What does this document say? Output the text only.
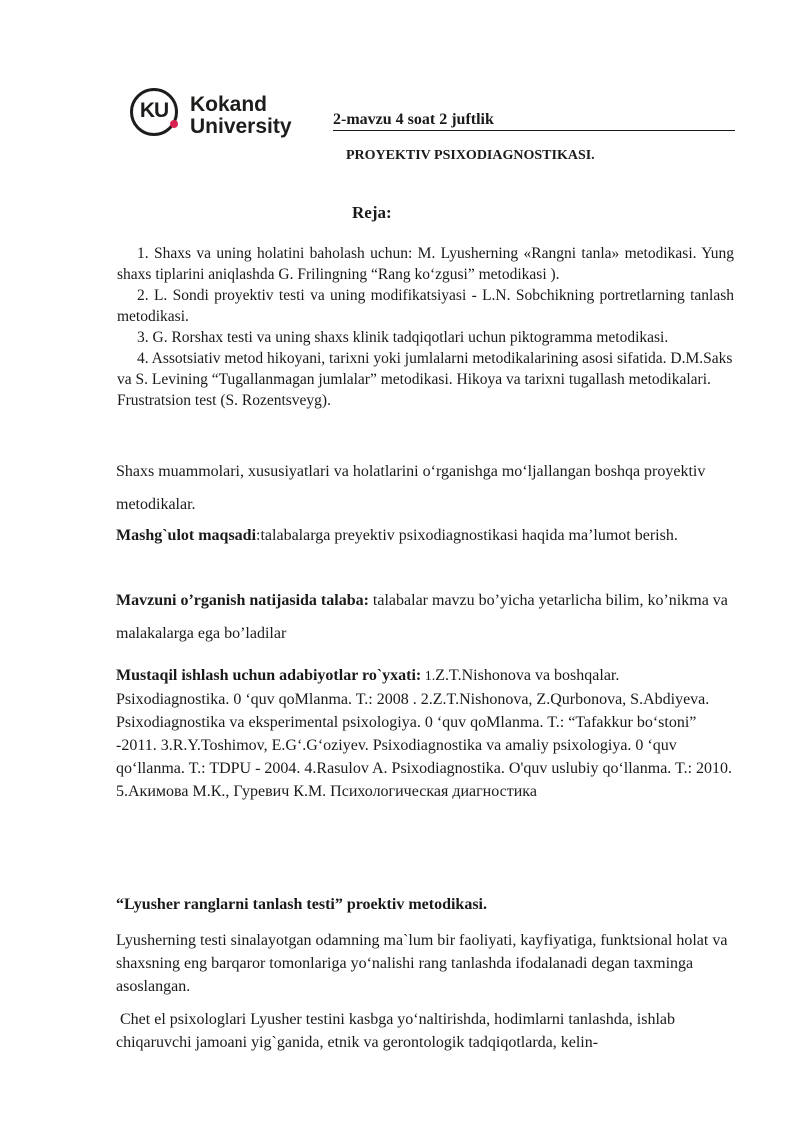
KU	Kokand
University	2-mavzu 4 soat 2 juftlik
PROYEKTIV PSIXODIAGNOSTIKASI.
Reja:

1. Shaxs va uning holatini baholash uchun: M. Lyusherning «Rangni tanla» metodikasi. Yung shaxs tiplarini aniqlashda G. Frilingning “Rang ko‘zgusi” metodikasi ).

2. L. Sondi proyektiv testi va uning modifikatsiyasi - L.N. Sobchikning portretlarning tanlash metodikasi.

3. G. Rorshax testi va uning shaxs klinik tadqiqotlari uchun piktogramma metodikasi.

4. Assotsiativ metod hikoyani, tarixni yoki jumlalarni metodikalarining asosi sifatida. D.M.Saks va S. Levining “Tugallanmagan jumlalar” metodikasi. Hikoya va tarixni tugallash metodikalari. Frustratsion test (S. Rozentsveyg).

Shaxs muammolari, xususiyatlari va holatlarini o‘rganishga mo‘ljallangan boshqa proyektiv metodikalar.

Mashg`ulot maqsadi:talabalarga preyektiv psixodiagnostikasi haqida ma’lumot berish.

Mavzuni o’rganish natijasida talaba: talabalar mavzu bo’yicha yetarlicha bilim, ko’nikma va malakalarga ega bo’ladilar

Mustaqil ishlash uchun adabiyotlar ro`yxati: 1.Z.T.Nishonova va boshqalar. Psixodiagnostika. 0 ‘quv qoMlanma. T.: 2008 . 2.Z.T.Nishonova, Z.Qurbonova, S.Abdiyeva. Psixodiagnostika va eksperimental psixologiya. 0 ‘quv qoMlanma. T.: “Tafakkur bo‘stoni” -2011. 3.R.Y.Toshimov, E.G‘.G‘oziyev. Psixodiagnostika va amaliy psixologiya. 0 ‘quv qo‘llanma. T.: TDPU - 2004. 4.Rasulov A. Psixodiagnostika. O'quv uslubiy qo‘llanma. T.: 2010. 5.Акимова М.К., Гуревич К.М. Психологическая диагностика

“Lyusher ranglarni tanlash testi” proektiv metodikasi.

Lyusherning testi sinalayotgan odamning ma`lum bir faoliyati, kayfiyatiga, funktsional holat va shaxsning eng barqaror tomonlariga yo‘nalishi rang tanlashda ifodalanadi degan taxminga asoslangan.

Chet el psixologlari Lyusher testini kasbga yo‘naltirishda, hodimlarni tanlashda, ishlab chiqaruvchi jamoani yig`ganida, etnik va gerontologik tadqiqotlarda, kelin-
